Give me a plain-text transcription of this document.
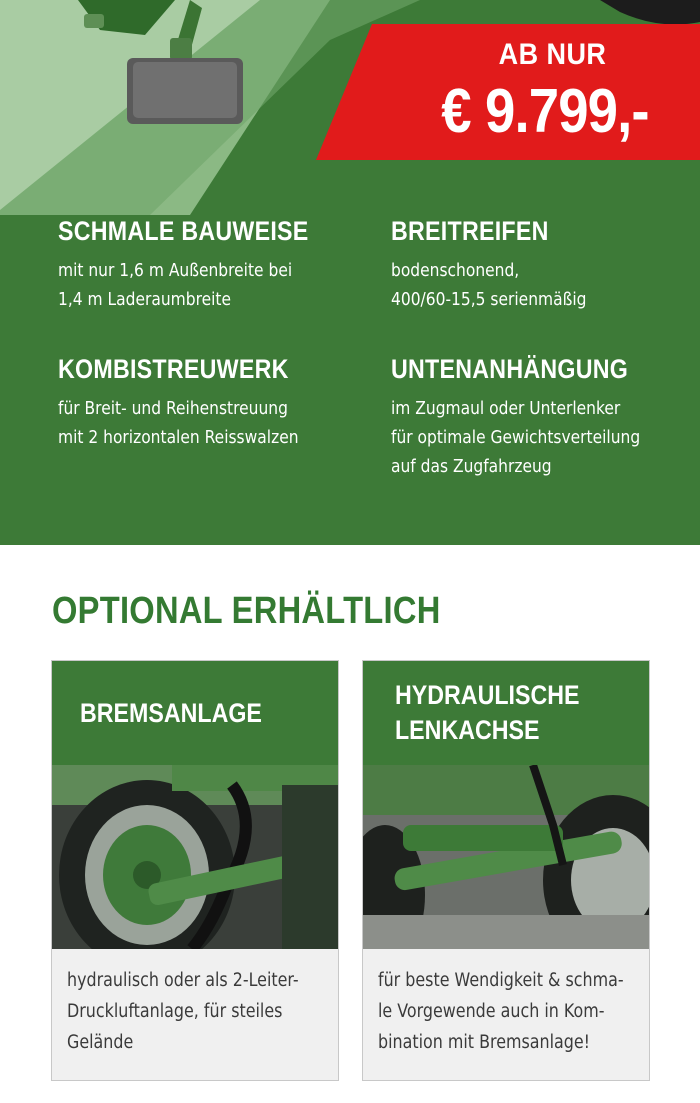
AB NUR
€ 9.799,-
SCHMALE BAUWEISE

mit nur 1,6 m Außenbreite bei
1,4 m Laderaumbreite

BREITREIFEN

bodenschonend,
400/60-15,5 serienmäßig

KOMBISTREUWERK

für Breit- und Reihenstreuung
mit 2 horizontalen Reisswalzen

UNTENANHÄNGUNG

im Zugmaul oder Unterlenker
für optimale Gewichtsverteilung
auf das Zugfahrzeug

OPTIONAL ERHÄLTLICH
BREMSANLAGE
hydraulisch oder als 2-Leiter-
Druckluftanlage, für steiles
Gelände
HYDRAULISCHE
LENKACHSE
für beste Wendigkeit & schma-
le Vorgewende auch in Kom-
bination mit Bremsanlage!
